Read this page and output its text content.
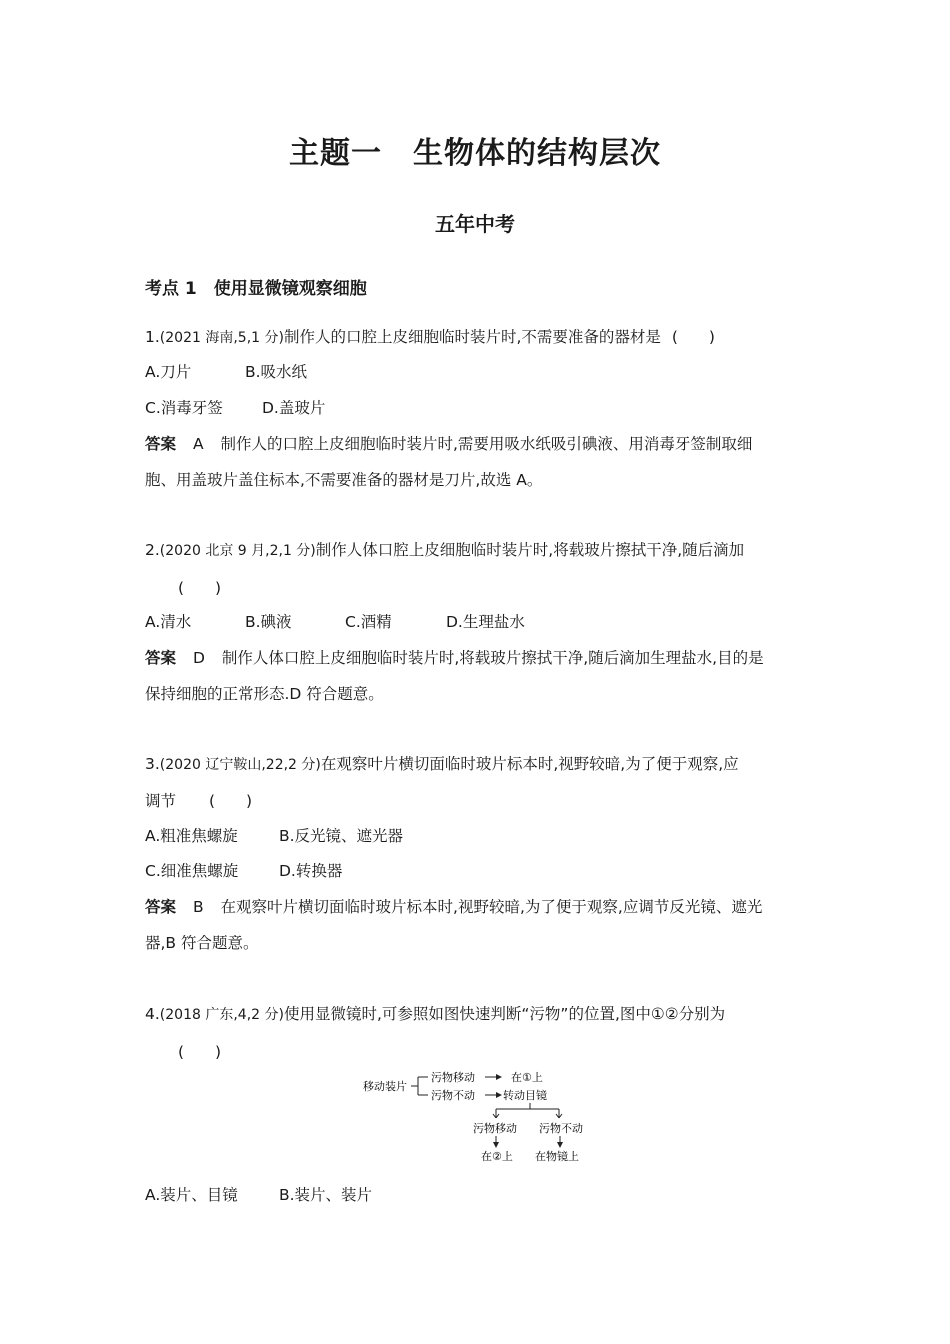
主题一　生物体的结构层次
五年中考
考点 1　使用显微镜观察细胞
1.(2021 海南,5,1 分)制作人的口腔上皮细胞临时装片时,不需要准备的器材是 (　　)
A.刀片	B.吸水纸
C.消毒牙签	D.盖玻片
答案 A 制作人的口腔上皮细胞临时装片时,需要用吸水纸吸引碘液、用消毒牙签制取细
胞、用盖玻片盖住标本,不需要准备的器材是刀片,故选 A。
2.(2020 北京 9 月,2,1 分)制作人体口腔上皮细胞临时装片时,将载玻片擦拭干净,随后滴加
(　　)
A.清水	B.碘液	C.酒精	D.生理盐水
答案 D 制作人体口腔上皮细胞临时装片时,将载玻片擦拭干净,随后滴加生理盐水,目的是
保持细胞的正常形态.D 符合题意。
3.(2020 辽宁鞍山,22,2 分)在观察叶片横切面临时玻片标本时,视野较暗,为了便于观察,应
调节 (　　)
A.粗准焦螺旋	B.反光镜、遮光器
C.细准焦螺旋	D.转换器
答案 B 在观察叶片横切面临时玻片标本时,视野较暗,为了便于观察,应调节反光镜、遮光
器,B 符合题意。
4.(2018 广东,4,2 分)使用显微镜时,可参照如图快速判断“污物”的位置,图中①②分别为
(　　)
移动装片
污物移动	在①上
污物不动	转动目镜
污物移动 污物不动
在②上 在物镜上
A.装片、目镜	B.装片、装片
